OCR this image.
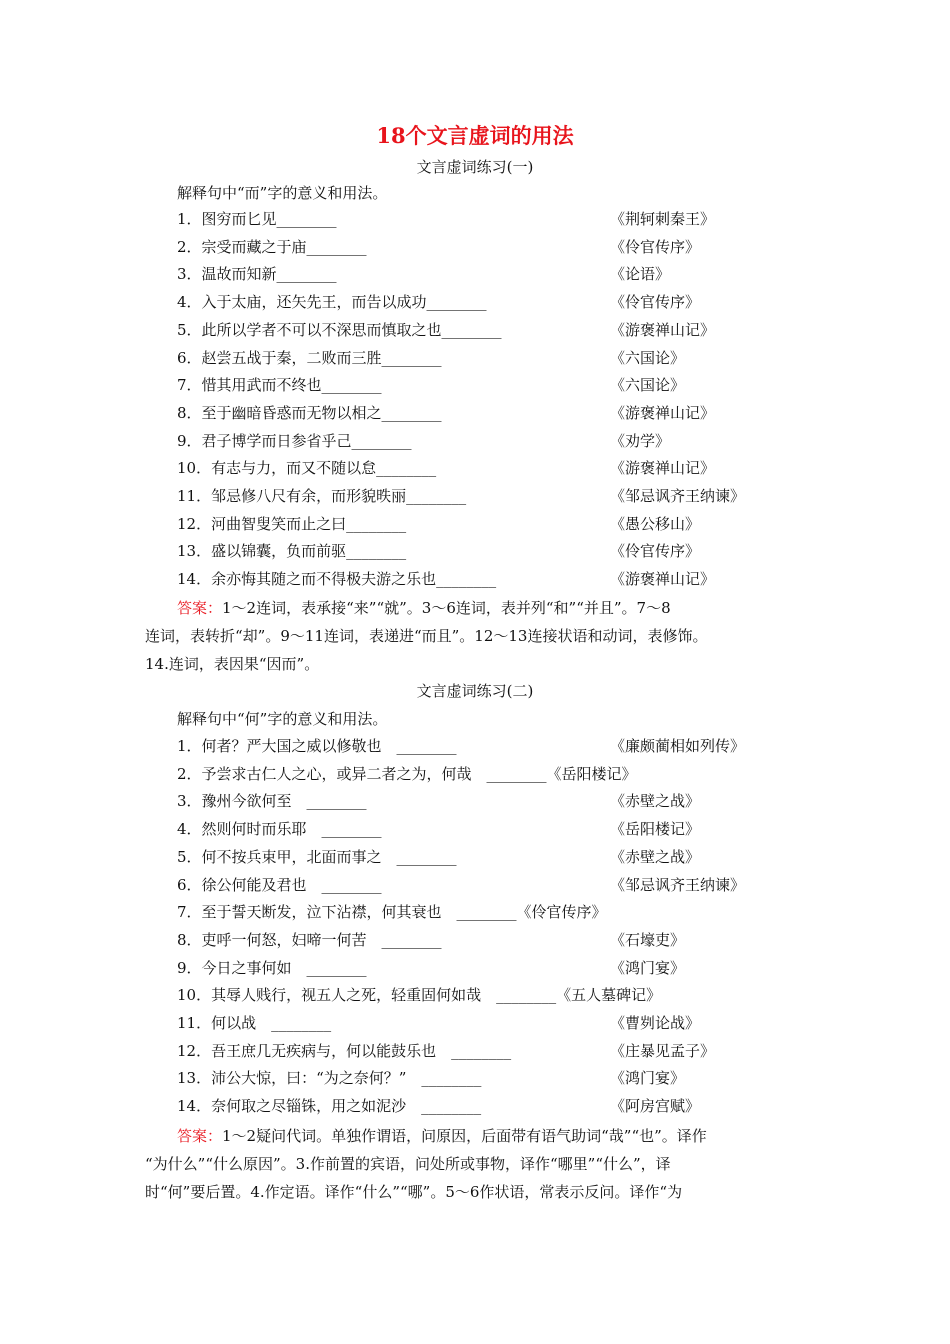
18个文言虚词的用法
文言虚词练习(一)
解释句中“而”字的意义和用法。
1．图穷而匕见________	《荆轲刺秦王》
2．宗受而藏之于庙________	《伶官传序》
3．温故而知新________	《论语》
4．入于太庙，还矢先王，而告以成功________	《伶官传序》
5．此所以学者不可以不深思而慎取之也________	《游褒禅山记》
6．赵尝五战于秦，二败而三胜________	《六国论》
7．惜其用武而不终也________	《六国论》
8．至于幽暗昏惑而无物以相之________	《游褒禅山记》
9．君子博学而日参省乎己________	《劝学》
10．有志与力，而又不随以怠________	《游褒禅山记》
11．邹忌修八尺有余，而形貌昳丽________	《邹忌讽齐王纳谏》
12．河曲智叟笑而止之曰________	《愚公移山》
13．盛以锦囊，负而前驱________	《伶官传序》
14．余亦悔其随之而不得极夫游之乐也________	《游褒禅山记》

答案：1～2连词，表承接“来”“就”。3～6连词，表并列“和”“并且”。7～8

连词，表转折“却”。9～11连词，表递进“而且”。12～13连接状语和动词，表修饰。

14.连词，表因果“因而”。

文言虚词练习(二)
解释句中“何”字的意义和用法。
1．何者？严大国之威以修敬也　________	《廉颇蔺相如列传》
2．予尝求古仁人之心，或异二者之为，何哉　________《岳阳楼记》
3．豫州今欲何至　________	《赤壁之战》
4．然则何时而乐耶　________	《岳阳楼记》
5．何不按兵束甲，北面而事之　________	《赤壁之战》
6．徐公何能及君也　________	《邹忌讽齐王纳谏》
7．至于誓天断发，泣下沾襟，何其衰也　________《伶官传序》
8．吏呼一何怒，妇啼一何苦　________	《石壕吏》
9．今日之事何如　________	《鸿门宴》
10．其辱人贱行，视五人之死，轻重固何如哉　________《五人墓碑记》
11．何以战　________	《曹刿论战》
12．吾王庶几无疾病与，何以能鼓乐也　________	《庄暴见孟子》
13．沛公大惊，曰：“为之奈何？”　________	《鸿门宴》
14．奈何取之尽锱铢，用之如泥沙　________	《阿房宫赋》

答案：1～2疑问代词。单独作谓语，问原因，后面带有语气助词“哉”“也”。译作

“为什么”“什么原因”。3.作前置的宾语，问处所或事物，译作“哪里”“什么”，译

时“何”要后置。4.作定语。译作“什么”“哪”。5～6作状语，常表示反问。译作“为
